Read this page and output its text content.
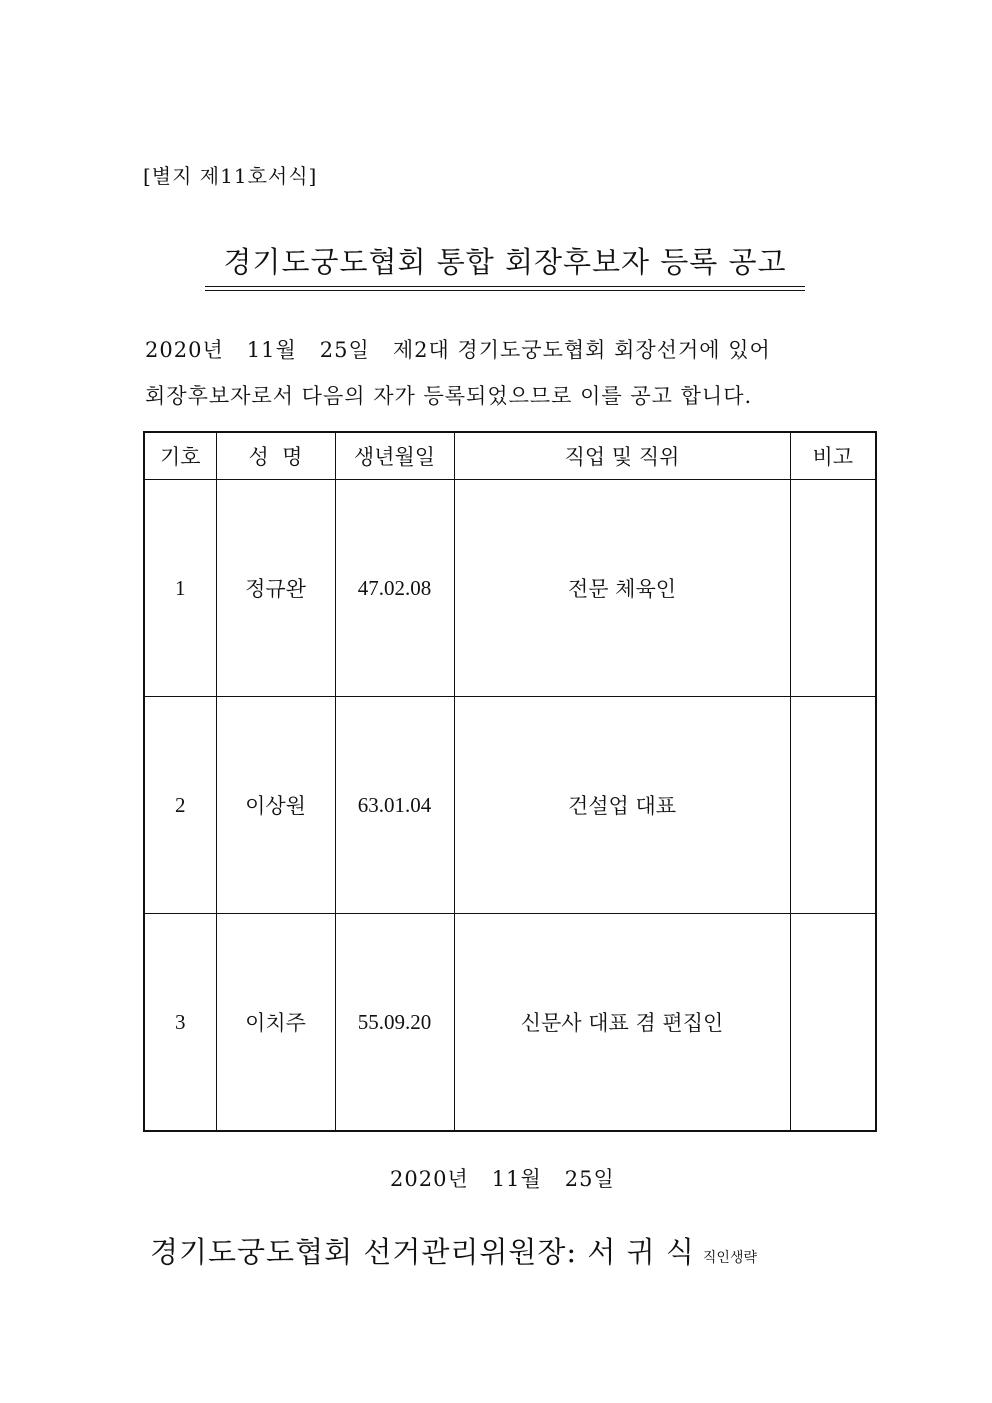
[별지 제11호서식]
경기도궁도협회 통합 회장후보자 등록 공고
2020년   11월   25일   제2대 경기도궁도협회 회장선거에 있어
회장후보자로서 다음의 자가 등록되었으므로 이를 공고 합니다.
기호	성  명	생년월일	직업 및 직위	비고
1	정규완	47.02.08	전문 체육인	
2	이상원	63.01.04	건설업 대표	
3	이치주	55.09.20	신문사 대표 겸 편집인	
2020년   11월   25일
경기도궁도협회 선거관리위원장: 서 귀 식 직인생략
